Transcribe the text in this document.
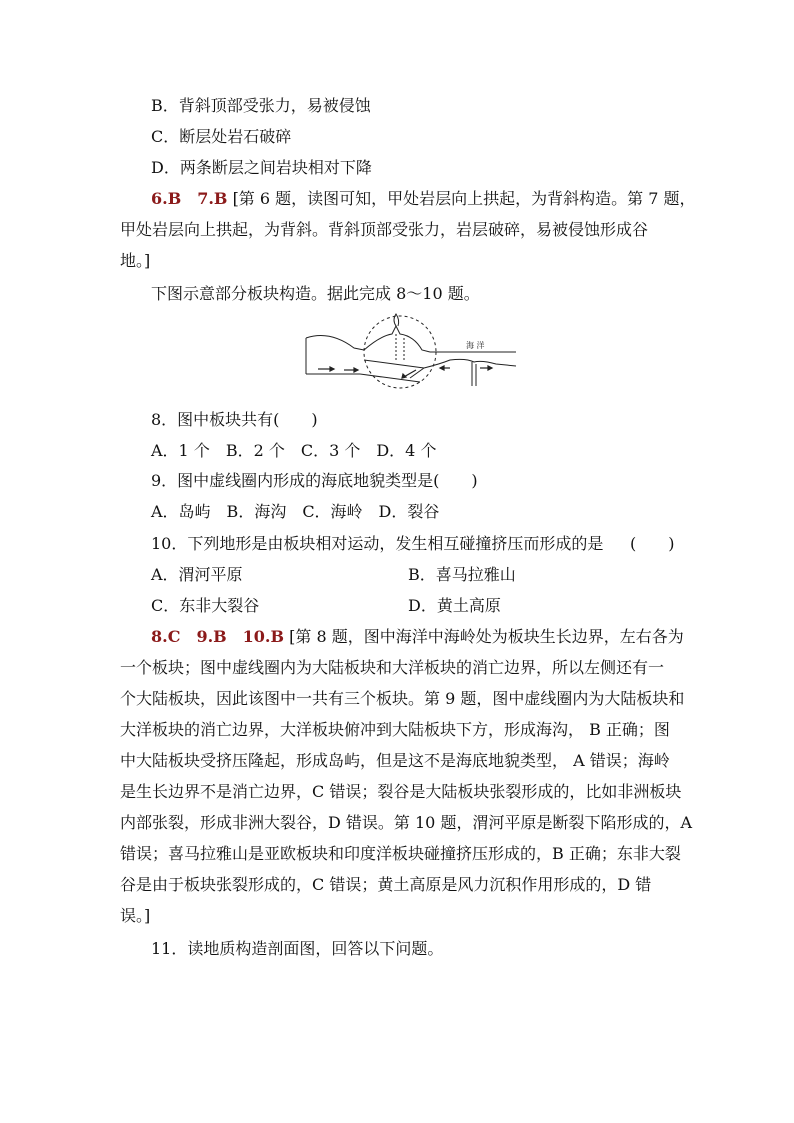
B．背斜顶部受张力，易被侵蚀
C．断层处岩石破碎
D．两条断层之间岩块相对下降
6.B　7.B [第 6 题，读图可知，甲处岩层向上拱起，为背斜构造。第 7 题，
甲处岩层向上拱起，为背斜。背斜顶部受张力，岩层破碎，易被侵蚀形成谷
地。]
下图示意部分板块构造。据此完成 8～10 题。
海 洋
8．图中板块共有(　　)
A．1 个　B．2 个　C．3 个　D．4 个
9．图中虚线圈内形成的海底地貌类型是(　　)
A．岛屿　B．海沟　C．海岭　D．裂谷
10．下列地形是由板块相对运动，发生相互碰撞挤压而形成的是 (　　)
A．渭河平原	B．喜马拉雅山
C．东非大裂谷	D．黄土高原
8.C　9.B　10.B [第 8 题，图中海洋中海岭处为板块生长边界，左右各为
一个板块；图中虚线圈内为大陆板块和大洋板块的消亡边界，所以左侧还有一
个大陆板块，因此该图中一共有三个板块。第 9 题，图中虚线圈内为大陆板块和
大洋板块的消亡边界，大洋板块俯冲到大陆板块下方，形成海沟， B 正确；图
中大陆板块受挤压隆起，形成岛屿，但是这不是海底地貌类型， A 错误；海岭
是生长边界不是消亡边界，C 错误；裂谷是大陆板块张裂形成的，比如非洲板块
内部张裂，形成非洲大裂谷，D 错误。第 10 题，渭河平原是断裂下陷形成的，A
错误；喜马拉雅山是亚欧板块和印度洋板块碰撞挤压形成的，B 正确；东非大裂
谷是由于板块张裂形成的，C 错误；黄土高原是风力沉积作用形成的，D 错
误。]
11．读地质构造剖面图，回答以下问题。
